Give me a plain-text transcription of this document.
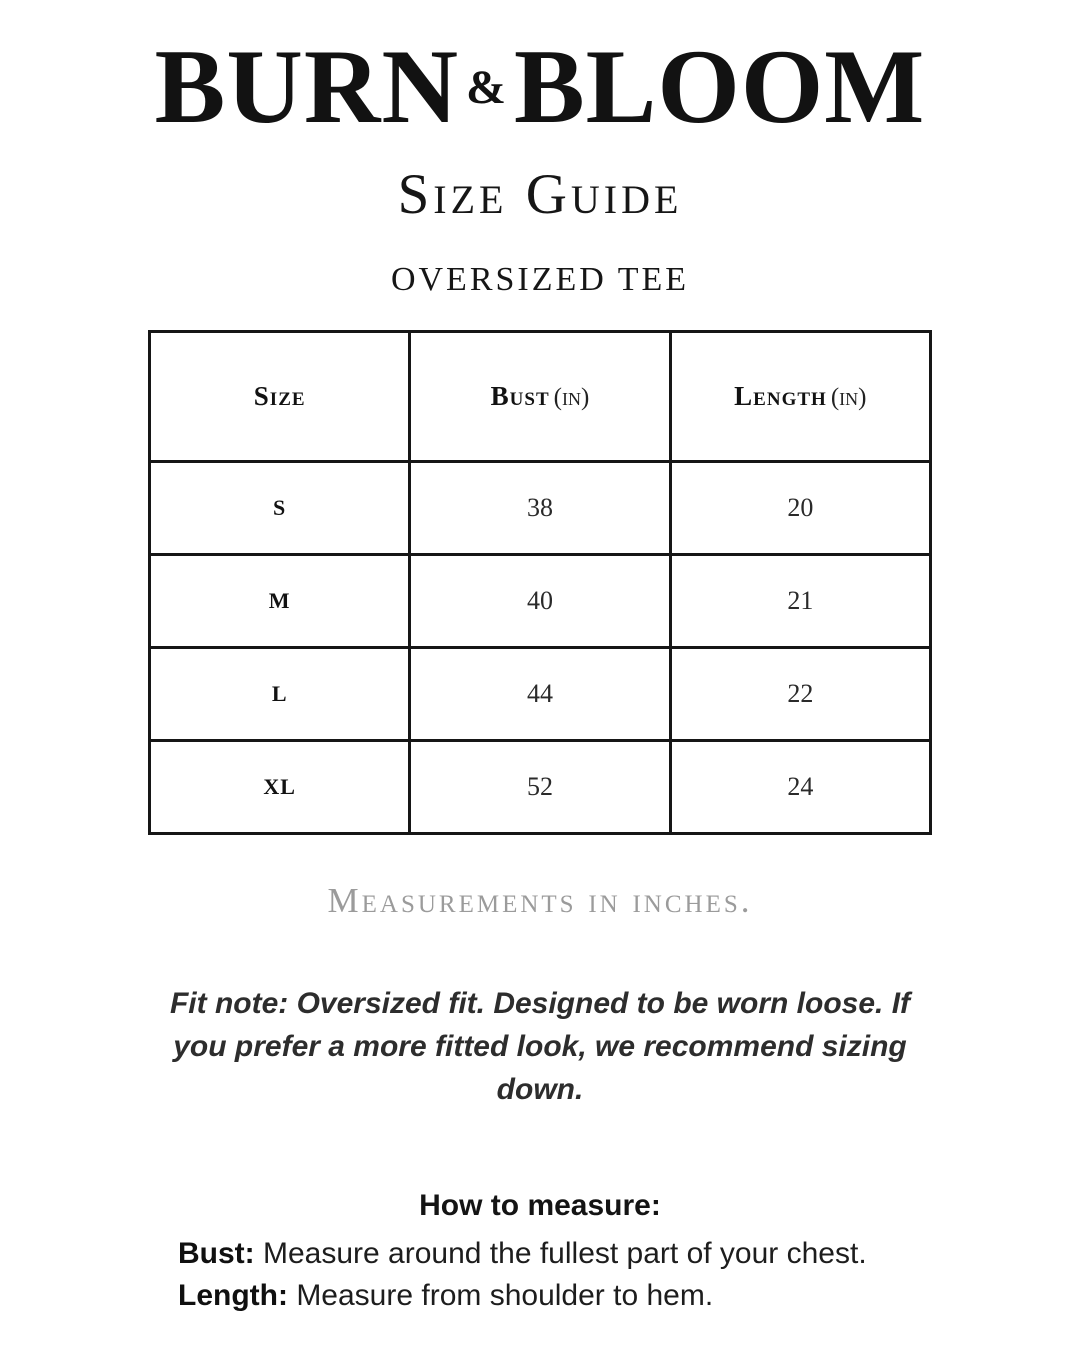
BURN &BLOOM
Size Guide
OVERSIZED TEE
Size	Bust (in)	Length (in)
S	38	20
M	40	21
L	44	22
XL	52	24

Measurements in inches.

Fit note: Oversized fit. Designed to be worn loose. If you prefer a more fitted look, we recommend sizing down.

How to measure:

Bust: Measure around the fullest part of your chest.

Length: Measure from shoulder to hem.
